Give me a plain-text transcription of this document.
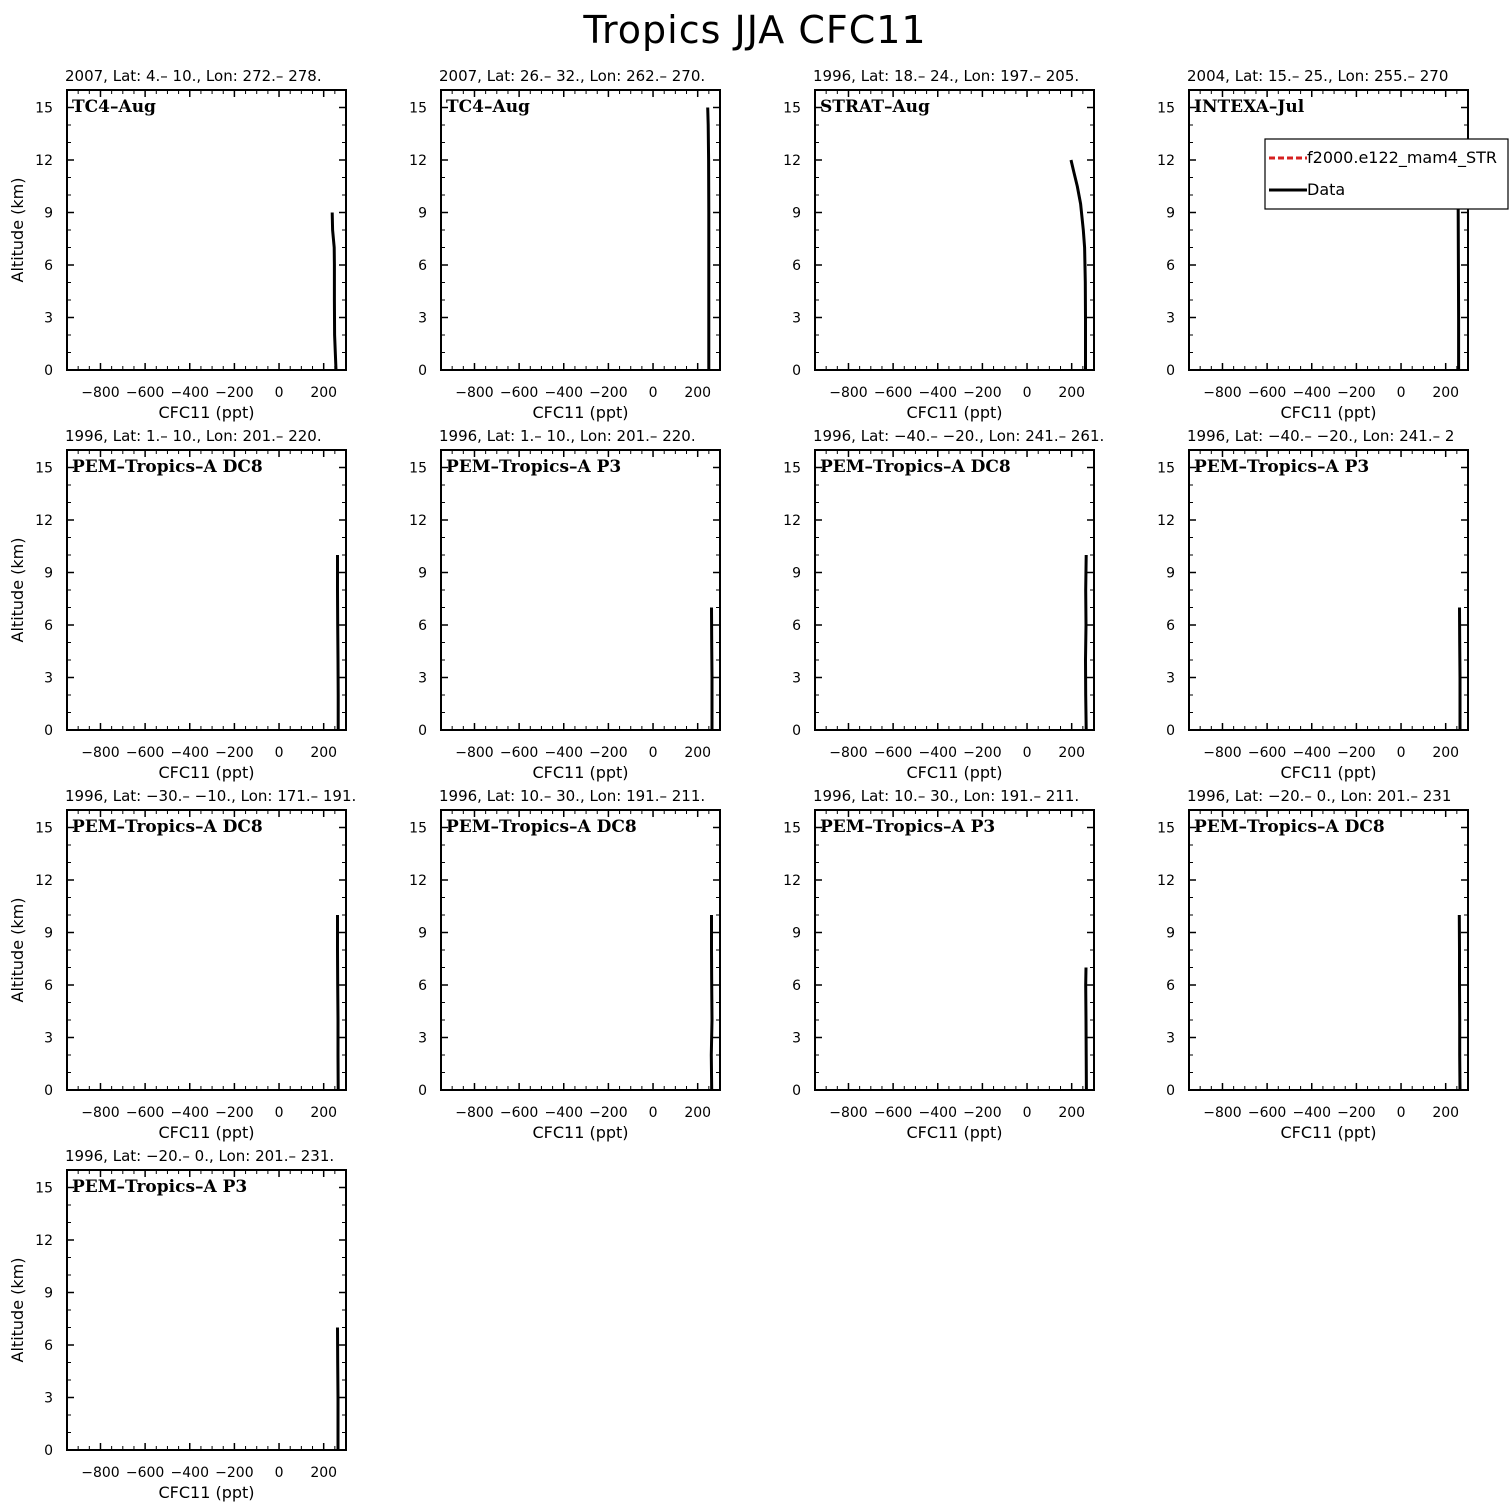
Tropics JJA CFC11
−800 −600 −400 −200 0 200
0
3
6
9
12
15
2007, Lat: 4.– 10., Lon: 272.– 278.
TC4–Aug
CFC11 (ppt)
Altitude (km)
−800 −600 −400 −200 0 200
0
3
6
9
12
15
2007, Lat: 26.– 32., Lon: 262.– 270.
TC4–Aug
CFC11 (ppt)
−800 −600 −400 −200 0 200
0
3
6
9
12
15
1996, Lat: 18.– 24., Lon: 197.– 205.
STRAT–Aug
CFC11 (ppt)
−800 −600 −400 −200 0 200
0
3
6
9
12
15
2004, Lat: 15.– 25., Lon: 255.– 270
INTEXA–Jul
CFC11 (ppt)
−800 −600 −400 −200 0 200
0
3
6
9
12
15
1996, Lat: 1.– 10., Lon: 201.– 220.
PEM–Tropics–A DC8
CFC11 (ppt)
Altitude (km)
−800 −600 −400 −200 0 200
0
3
6
9
12
15
1996, Lat: 1.– 10., Lon: 201.– 220.
PEM–Tropics–A P3
CFC11 (ppt)
−800 −600 −400 −200 0 200
0
3
6
9
12
15
1996, Lat: −40.– −20., Lon: 241.– 261.
PEM–Tropics–A DC8
CFC11 (ppt)
−800 −600 −400 −200 0 200
0
3
6
9
12
15
1996, Lat: −40.– −20., Lon: 241.– 2
PEM–Tropics–A P3
CFC11 (ppt)
−800 −600 −400 −200 0 200
0
3
6
9
12
15
1996, Lat: −30.– −10., Lon: 171.– 191.
PEM–Tropics–A DC8
CFC11 (ppt)
Altitude (km)
−800 −600 −400 −200 0 200
0
3
6
9
12
15
1996, Lat: 10.– 30., Lon: 191.– 211.
PEM–Tropics–A DC8
CFC11 (ppt)
−800 −600 −400 −200 0 200
0
3
6
9
12
15
1996, Lat: 10.– 30., Lon: 191.– 211.
PEM–Tropics–A P3
CFC11 (ppt)
−800 −600 −400 −200 0 200
0
3
6
9
12
15
1996, Lat: −20.– 0., Lon: 201.– 231
PEM–Tropics–A DC8
CFC11 (ppt)
−800 −600 −400 −200 0 200
0
3
6
9
12
15
1996, Lat: −20.– 0., Lon: 201.– 231.
PEM–Tropics–A P3
CFC11 (ppt)
Altitude (km)
f2000.e122_mam4_STR
Data
